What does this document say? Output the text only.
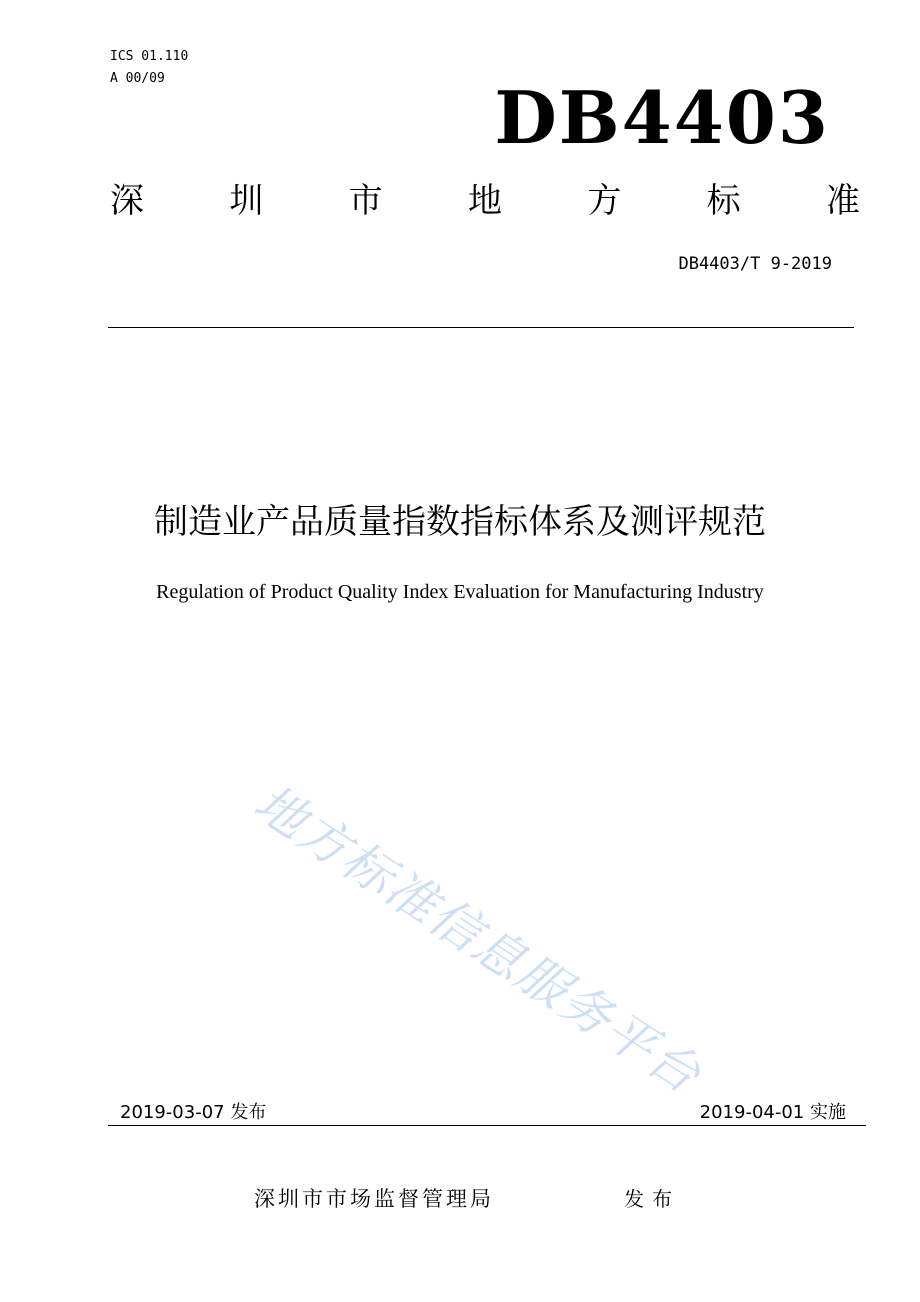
ICS 01.110
A 00/09	DB4403
深	圳	市	地	方	标	准
DB4403/T 9-2019
制造业产品质量指数指标体系及测评规范
Regulation of Product Quality Index Evaluation for Manufacturing Industry
地方标准信息服务平台
2019-03-07 发布	2019-04-01 实施
深圳市市场监督管理局	发布
